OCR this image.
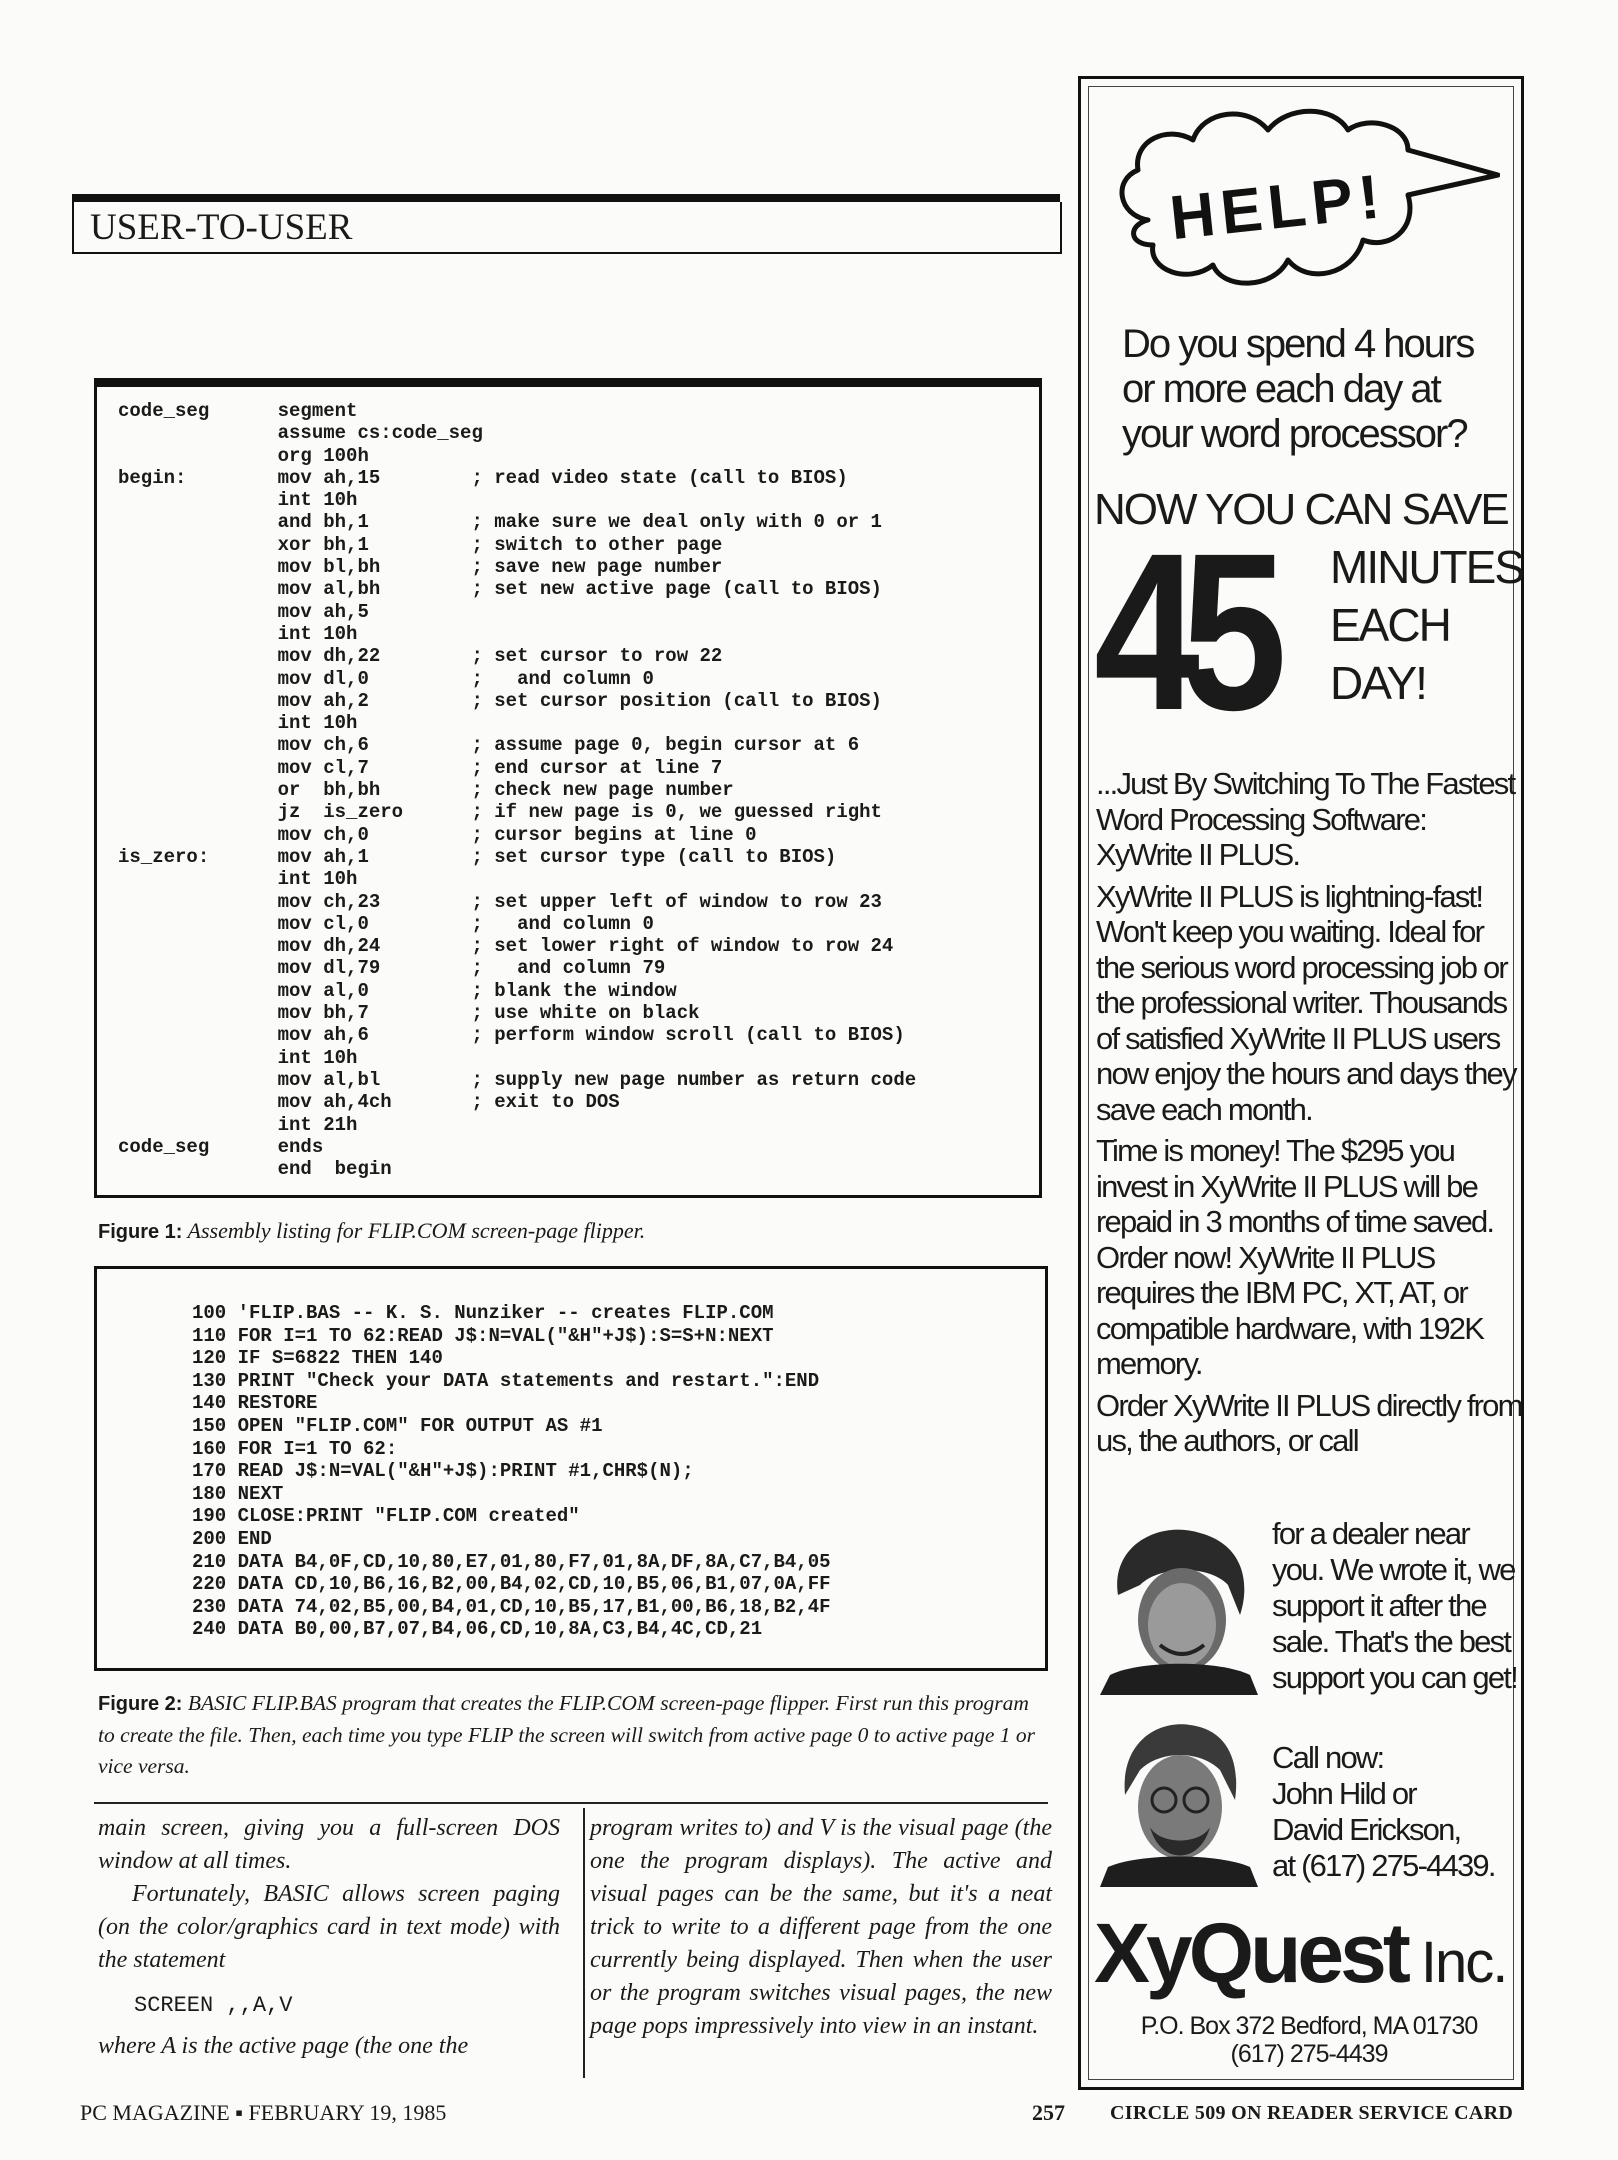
USER-TO-USER
code_seg      segment
assume cs:code_seg
org 100h
begin:        mov ah,15        ; read video state (call to BIOS)
int 10h
and bh,1         ; make sure we deal only with 0 or 1
xor bh,1         ; switch to other page
mov bl,bh        ; save new page number
mov al,bh        ; set new active page (call to BIOS)
mov ah,5
int 10h
mov dh,22        ; set cursor to row 22
mov dl,0         ;   and column 0
mov ah,2         ; set cursor position (call to BIOS)
int 10h
mov ch,6         ; assume page 0, begin cursor at 6
mov cl,7         ; end cursor at line 7
or  bh,bh        ; check new page number
jz  is_zero      ; if new page is 0, we guessed right
mov ch,0         ; cursor begins at line 0
is_zero:      mov ah,1         ; set cursor type (call to BIOS)
int 10h
mov ch,23        ; set upper left of window to row 23
mov cl,0         ;   and column 0
mov dh,24        ; set lower right of window to row 24
mov dl,79        ;   and column 79
mov al,0         ; blank the window
mov bh,7         ; use white on black
mov ah,6         ; perform window scroll (call to BIOS)
int 10h
mov al,bl        ; supply new page number as return code
mov ah,4ch       ; exit to DOS
int 21h
code_seg      ends
end  begin
Figure 1: Assembly listing for FLIP.COM screen-page flipper.
100 'FLIP.BAS -- K. S. Nunziker -- creates FLIP.COM
110 FOR I=1 TO 62:READ J$:N=VAL("&H"+J$):S=S+N:NEXT
120 IF S=6822 THEN 140
130 PRINT "Check your DATA statements and restart.":END
140 RESTORE
150 OPEN "FLIP.COM" FOR OUTPUT AS #1
160 FOR I=1 TO 62:
170 READ J$:N=VAL("&H"+J$):PRINT #1,CHR$(N);
180 NEXT
190 CLOSE:PRINT "FLIP.COM created"
200 END
210 DATA B4,0F,CD,10,80,E7,01,80,F7,01,8A,DF,8A,C7,B4,05
220 DATA CD,10,B6,16,B2,00,B4,02,CD,10,B5,06,B1,07,0A,FF
230 DATA 74,02,B5,00,B4,01,CD,10,B5,17,B1,00,B6,18,B2,4F
240 DATA B0,00,B7,07,B4,06,CD,10,8A,C3,B4,4C,CD,21
Figure 2: BASIC FLIP.BAS program that creates the FLIP.COM screen-page flipper. First run this program to create the file. Then, each time you type FLIP the screen will switch from active page 0 to active page 1 or vice versa.

main screen, giving you a full-screen DOS window at all times.

Fortunately, BASIC allows screen paging (on the color/graphics card in text mode) with the statement

SCREEN ,,A,V

where A is the active page (the one the

program writes to) and V is the visual page (the one the program displays). The active and visual pages can be the same, but it's a neat trick to write to a different page from the one currently being displayed. Then when the user or the program switches visual pages, the new page pops impressively into view in an instant.

PC MAGAZINE ▪ FEBRUARY 19, 1985	257 CIRCLE 509 ON READER SERVICE CARD
HELP!
Do you spend 4 hours or more each day at your word processor?
NOW YOU CAN SAVE
45 MINUTES
EACH
DAY!

...Just By Switching To The Fastest Word Processing Software: XyWrite II PLUS.

XyWrite II PLUS is lightning-fast! Won't keep you waiting. Ideal for the serious word processing job or the professional writer. Thousands of satisfied XyWrite II PLUS users now enjoy the hours and days they save each month.

Time is money! The $295 you invest in XyWrite II PLUS will be repaid in 3 months of time saved. Order now! XyWrite II PLUS requires the IBM PC, XT, AT, or compatible hardware, with 192K memory.

Order XyWrite II PLUS directly from us, the authors, or call

for a dealer near you. We wrote it, we support it after the sale. That's the best support you can get!

Call now:

John Hild or

David Erickson,

at (617) 275-4439.

XyQuest Inc.
P.O. Box 372 Bedford, MA 01730
(617) 275-4439
